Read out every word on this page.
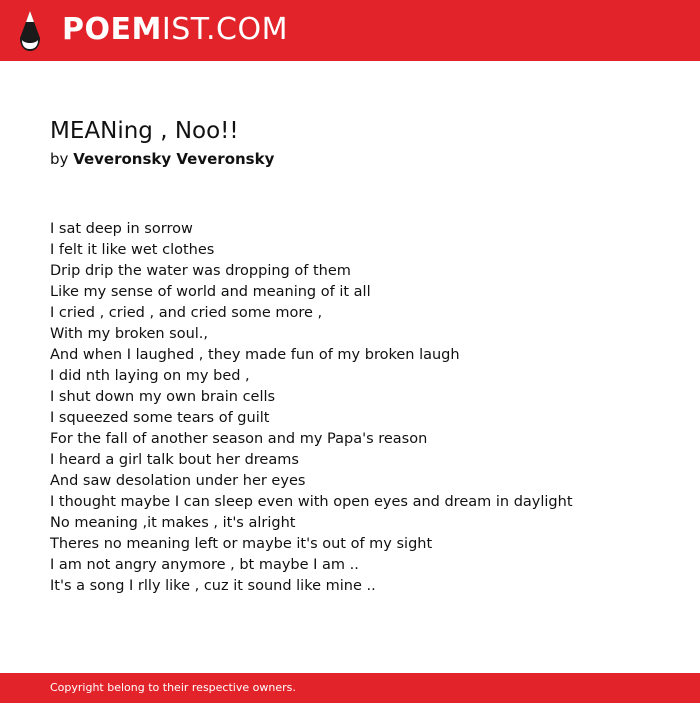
POEMIST.COM
MEANing , Noo!!
by Veveronsky Veveronsky
I sat deep in sorrow
I felt it like wet clothes
Drip drip the water was dropping of them
Like my sense of world and meaning of it all
I cried , cried , and cried some more ,
With my broken soul.,
And when I laughed , they made fun of my broken laugh
I did nth laying on my bed ,
I shut down my own brain cells
I squeezed some tears of guilt
For the fall of another season and my Papa's reason
I heard a girl talk bout her dreams
And saw desolation under her eyes
I thought maybe I can sleep even with open eyes and dream in daylight
No meaning ,it makes , it's alright
Theres no meaning left or maybe it's out of my sight
I am not angry anymore , bt maybe I am ..
It's a song I rlly like , cuz it sound like mine ..
Copyright belong to their respective owners.
